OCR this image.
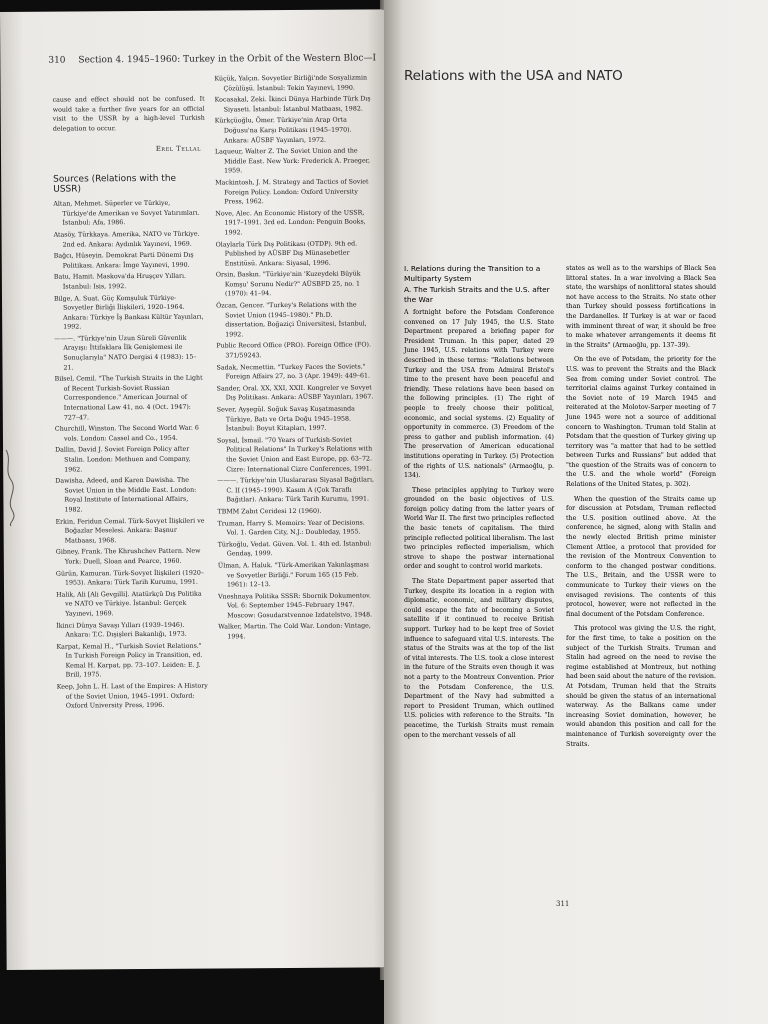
310 Section 4. 1945–1960: Turkey in the Orbit of the Western Bloc—I

cause and effect should not be confused. It would take a further five years for an official visit to the USSR by a high-level Turkish delegation to occur.

Erel Tellal
Sources (Relations with the USSR)

Altan, Mehmet. Süperler ve Türkiye, Türkiye'de Amerikan ve Sovyet Yatırımları. İstanbul: Afa, 1986.

Atasöy, Türkkaya. Amerika, NATO ve Türkiye. 2nd ed. Ankara: Aydınlık Yayınevi, 1969.

Bağcı, Hüseyin. Demokrat Parti Dönemi Dış Politikası. Ankara: İmge Yayınevi, 1990.

Batu, Hamit. Maskova'da Hruşçev Yılları. İstanbul: Isis, 1992.

Bilge, A. Suat. Güç Komşuluk Türkiye-Sovyetler Birliği İlişkileri, 1920–1964. Ankara: Türkiye İş Bankası Kültür Yayınları, 1992.

———. "Türkiye'nin Uzun Süreli Güvenlik Arayışı: İttifaklara İlk Genişlemesi ile Sonuçlarıyla" NATO Dergisi 4 (1983): 15–21.

Bilsel, Cemil. "The Turkish Straits in the Light of Recent Turkish-Soviet Russian Correspondence." American Journal of International Law 41, no. 4 (Oct. 1947): 727–47.

Churchill, Winston. The Second World War. 6 vols. London: Cassel and Co., 1954.

Dallin, David J. Soviet Foreign Policy after Stalin. London: Methuen and Company, 1962.

Dawisha, Adeed, and Karen Dawisha. The Soviet Union in the Middle East. London: Royal Institute of International Affairs, 1982.

Erkin, Feridun Cemal. Türk-Sovyet İlişkileri ve Boğazlar Meselesi. Ankara: Başnur Matbaası, 1968.

Gibney, Frank. The Khrushchev Pattern. New York: Duell, Sloan and Pearce, 1960.

Gürün, Kamuran. Türk-Sovyet İlişkileri (1920–1953). Ankara: Türk Tarih Kurumu, 1991.

Halik, Ali [Ali Gevgilli]. Atatürkçü Dış Politika ve NATO ve Türkiye. İstanbul: Gerçek Yayınevi, 1969.

İkinci Dünya Savaşı Yılları (1939–1946). Ankara: T.C. Dışişleri Bakanlığı, 1973.

Karpat, Kemal H., "Turkish Soviet Relations." In Turkish Foreign Policy in Transition, ed. Kemal H. Karpat, pp. 73–107. Leiden: E. J. Brill, 1975.

Keep, John L. H. Last of the Empires: A History of the Soviet Union, 1945–1991. Oxford: Oxford University Press, 1996.

Küçük, Yalçın. Sovyetler Birliği'nde Sosyalizmin Çözülüşü. İstanbul: Tekin Yayınevi, 1990.

Kocasakal, Zeki. İkinci Dünya Harbinde Türk Dış Siyaseti. İstanbul: İstanbul Matbaası, 1982.

Kürkçüoğlu, Ömer. Türkiye'nin Arap Orta Doğusu'na Karşı Politikası (1945–1970). Ankara: AÜSBF Yayınları, 1972.

Laqueur, Walter Z. The Soviet Union and the Middle East. New York: Frederick A. Praeger, 1959.

Mackintosh, J. M. Strategy and Tactics of Soviet Foreign Policy. London: Oxford University Press, 1962.

Nove, Alec. An Economic History of the USSR, 1917–1991. 3rd ed. London: Penguin Books, 1992.

Olaylarla Türk Dış Politikası (OTDP). 9th ed. Published by AÜSBF Dış Münasebetler Enstitüsü. Ankara: Siyasal, 1996.

Orsin, Baskın. "Türkiye'nin 'Kuzeydeki Büyük Komşu' Sorunu Nedir?" AÜSBFD 25, no. 1 (1970): 41–94.

Özcan, Gencer. "Turkey's Relations with the Soviet Union (1945–1980)." Ph.D. dissertation, Boğaziçi Üniversitesi, İstanbul, 1992.

Public Record Office (PRO). Foreign Office (FO). 371/59243.

Sadak, Necmettin. "Turkey Faces the Soviets." Foreign Affairs 27, no. 3 (Apr. 1949): 449–61.

Sander, Oral. XX, XXI, XXII. Kongreler ve Sovyet Dış Politikası. Ankara: AÜSBF Yayınları, 1967.

Sever, Ayşegül. Soğuk Savaş Kuşatmasında Türkiye, Batı ve Orta Doğu 1945–1958. İstanbul: Boyut Kitapları, 1997.

Soysal, İsmail. "70 Years of Turkish-Soviet Political Relations" In Turkey's Relations with the Soviet Union and East Europe, pp. 63–72. Cizre: International Cizre Conferences, 1991.

———. Türkiye'nin Uluslararası Siyasal Bağıtları, C. II (1945–1990). Kasım A (Çok Taraflı Bağıtlar). Ankara: Türk Tarih Kurumu, 1991.

TBMM Zabıt Ceridesi 12 (1960).

Truman, Harry S. Memoirs: Year of Decisions. Vol. 1. Garden City, N.J.: Doubleday, 1955.

Türkoğlu, Vedat. Güven. Vol. 1. 4th ed. İstanbul: Gendaş, 1999.

Ülman, A. Haluk. "Türk-Amerikan Yakınlaşması ve Sovyetler Birliği." Forum 165 (15 Feb. 1961): 12–13.

Vneshnaya Politika SSSR: Sbornik Dokumentov. Vol. 6: September 1945–February 1947. Moscow: Gosudarstvennoe Izdatelstvo, 1948.

Walker, Martin. The Cold War. London: Vintage, 1994.

Relations with the USA and NATO
I. Relations during the Transition to a Multiparty System
A. The Turkish Straits and the U.S. after the War

A fortnight before the Potsdam Conference convened on 17 July 1945, the U.S. State Department prepared a briefing paper for President Truman. In this paper, dated 29 June 1945, U.S. relations with Turkey were described in these terms: "Relations between Turkey and the USA from Admiral Bristol's time to the present have been peaceful and friendly. These relations have been based on the following principles. (1) The right of people to freely choose their political, economic, and social systems. (2) Equality of opportunity in commerce. (3) Freedom of the press to gather and publish information. (4) The preservation of American educational institutions operating in Turkey. (5) Protection of the rights of U.S. nationals" (Armaoğlu, p. 134).

These principles applying to Turkey were grounded on the basic objectives of U.S. foreign policy dating from the latter years of World War II. The first two principles reflected the basic tenets of capitalism. The third principle reflected political liberalism. The last two principles reflected imperialism, which strove to shape the postwar international order and sought to control world markets.

The State Department paper asserted that Turkey, despite its location in a region with diplomatic, economic, and military disputes, could escape the fate of becoming a Soviet satellite if it continued to receive British support. Turkey had to be kept free of Soviet influence to safeguard vital U.S. interests. The status of the Straits was at the top of the list of vital interests. The U.S. took a close interest in the future of the Straits even though it was not a party to the Montreux Convention. Prior to the Potsdam Conference, the U.S. Department of the Navy had submitted a report to President Truman, which outlined U.S. policies with reference to the Straits. "In peacetime, the Turkish Straits must remain open to the merchant vessels of all

states as well as to the warships of Black Sea littoral states. In a war involving a Black Sea state, the warships of nonlittoral states should not have access to the Straits. No state other than Turkey should possess fortifications in the Dardanelles. If Turkey is at war or faced with imminent threat of war, it should be free to make whatever arrangements it deems fit in the Straits" (Armaoğlu, pp. 137–39).

On the eve of Potsdam, the priority for the U.S. was to prevent the Straits and the Black Sea from coming under Soviet control. The territorial claims against Turkey contained in the Soviet note of 19 March 1945 and reiterated at the Molotov-Sarper meeting of 7 June 1945 were not a source of additional concern to Washington. Truman told Stalin at Potsdam that the question of Turkey giving up territory was "a matter that had to be settled between Turks and Russians" but added that "the question of the Straits was of concern to the U.S. and the whole world" (Foreign Relations of the United States, p. 302).

When the question of the Straits came up for discussion at Potsdam, Truman reflected the U.S. position outlined above. At the conference, he signed, along with Stalin and the newly elected British prime minister Clement Attlee, a protocol that provided for the revision of the Montreux Convention to conform to the changed postwar conditions. The U.S., Britain, and the USSR were to communicate to Turkey their views on the envisaged revisions. The contents of this protocol, however, were not reflected in the final document of the Potsdam Conference.

This protocol was giving the U.S. the right, for the first time, to take a position on the subject of the Turkish Straits. Truman and Stalin had agreed on the need to revise the regime established at Montreux, but nothing had been said about the nature of the revision. At Potsdam, Truman held that the Straits should be given the status of an international waterway. As the Balkans came under increasing Soviet domination, however, he would abandon this position and call for the maintenance of Turkish sovereignty over the Straits.

311
